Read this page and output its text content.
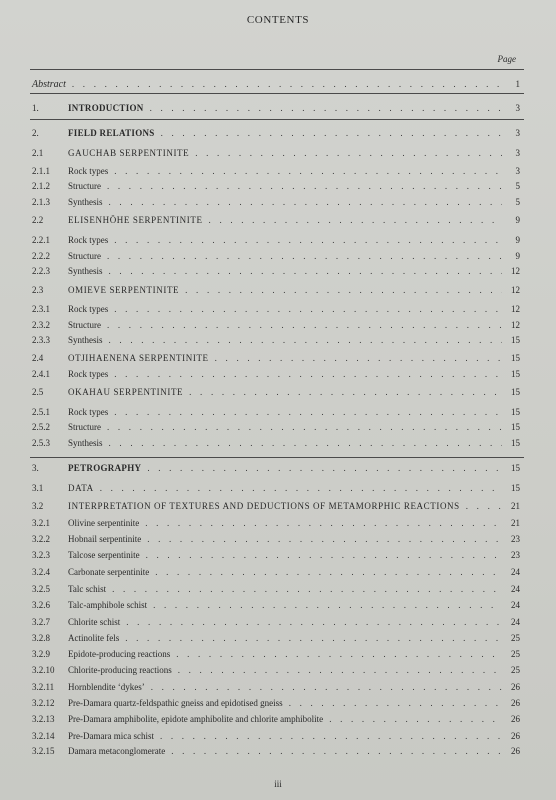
CONTENTS
Page
Abstract . . .	1
1.	INTRODUCTION . . .	3
2.	FIELD RELATIONS . . .	3
2.1	GAUCHAB SERPENTINITE . . .	3
2.1.1	Rock types . . .	3
2.1.2	Structure . . .	5
2.1.3	Synthesis . . .	5
2.2	ELISENHÖHE SERPENTINITE . . .	9
2.2.1	Rock types . . .	9
2.2.2	Structure . . .	9
2.2.3	Synthesis . . .	12
2.3	OMIEVE SERPENTINITE . . .	12
2.3.1	Rock types . . .	12
2.3.2	Structure . . .	12
2.3.3	Synthesis . . .	15
2.4	OTJIHAENENA SERPENTINITE . . .	15
2.4.1	Rock types . . .	15
2.5	OKAHAU SERPENTINITE . . .	15
2.5.1	Rock types . . .	15
2.5.2	Structure . . .	15
2.5.3	Synthesis . . .	15
3.	PETROGRAPHY . . .	15
3.1	DATA . . .	15
3.2	INTERPRETATION OF TEXTURES AND DEDUCTIONS OF METAMORPHIC REACTIONS . . .	21
3.2.1	Olivine serpentinite . . .	21
3.2.2	Hobnail serpentinite . . .	23
3.2.3	Talcose serpentinite . . .	23
3.2.4	Carbonate serpentinite . . .	24
3.2.5	Talc schist . . .	24
3.2.6	Talc-amphibole schist . . .	24
3.2.7	Chlorite schist . . .	24
3.2.8	Actinolite fels . . .	25
3.2.9	Epidote-producing reactions . . .	25
3.2.10	Chlorite-producing reactions . . .	25
3.2.11	Hornblendite ‘dykes’ . . .	26
3.2.12	Pre-Damara quartz-feldspathic gneiss and epidotised gneiss . . .	26
3.2.13	Pre-Damara amphibolite, epidote amphibolite and chlorite amphibolite . . .	26
3.2.14	Pre-Damara mica schist . . .	26
3.2.15	Damara metaconglomerate . . .	26
iii
